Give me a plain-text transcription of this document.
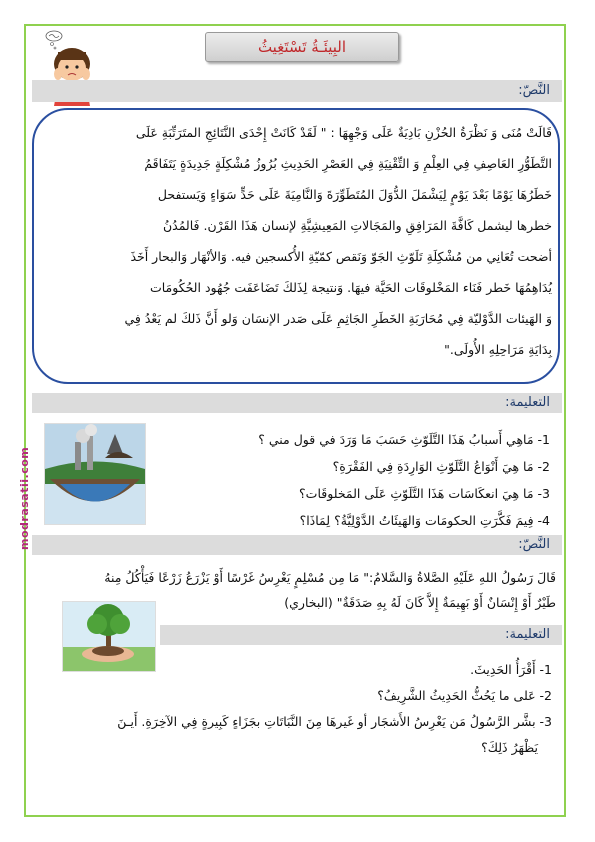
البِيئَـةُ تَسْتَغِيثُ
النَّصّ:

قَالَتْ مُنَى وَ نَظْرَةُ الحُزْنِ بَادِيَةٌ عَلَى وَجْهِهَا : " لَقَدْ كَانَتْ إِحْدَى النَّتَائِجِ المتَرَتِّبَةِ عَلَى

التَّطَوُّرِ العَاصِفِ فِي العِلْمِ وَ التِّقْنِيَةِ فِي العَصْرِ الحَدِيثِ بُرُوزُ مُشْكِلَةٍ جَدِيدَةٍ يَتَفَاقَمُ

خَطَرُهَا يَوْمًا بَعْدَ يَوْمٍ لِيَشْمَلَ الدُّوَلَ المُتَطَوِّرَةَ وَالنَّامِيَةَ عَلَى حَدٍّ سَوَاءٍ وَيَستفحل

خطرها ليشمل كَافَّةَ المَرَافِقِ والمَجَالاتِ المَعِيشِيَّةِ لإنسان هَذَا القَرْن. فَالمُدُنُ

أضحت تُعَانِي من مُشْكِلَةِ تَلَوّثِ الجَوّ وَنَقص كمّيّةِ الأُكسجين فيه. وَالأنْهَار وَالبحار أَخَذَ

يُدَاهِمُهَا خَطر فَنَاء المَخْلوقَات الحَيَّة فيهَا. وَنتيجة لِذَلكَ تَضَاعَفَت جُهُود الحُكُومَات

وَ الهَيئات الدَّوْليّة فِي مُحَارَبَةِ الخَطَرِ الجَاثِمِ عَلَى صَدر الإنسَان وَلو أَنَّ ذَلكَ لم يَعْدُ فِي

بِدَايَةِ مَرَاحِلِهِ الأُولَى."

التعليمة:
1- مَاهِي أَسبابُ هَذَا التَّلَوّثِ حَسَبَ مَا وَرَدَ في قول مني ؟
2- مَا هِيَ أَنْوَاعُ التَّلَوّثِ الوَارِدَةِ فِي الفَقْرَةِ؟
3- مَا هِيَ انعكَاسَات هَذَا التَّلَوّثِ عَلَى المَخلوقَات؟
4- فِيمَ فَكَّرَتِ الحكومَات وَالهَيئَاتُ الدَّوْلِيَّةُ؟ لِمَاذَا؟
النَّصّ:

قَالَ رَسُولُ اللهِ عَلَيْهِ الصَّلاةُ وَالسَّلامُ:" مَا مِن مُسْلِمٍ يَغْرِسُ غَرْسًا أَوْ يَزْرَعُ زَرْعًا فَيَأْكُلُ مِنهُ

طَيْرٌ أَوْ إِنْسَانٌ أَوْ بَهِيمَةٌ إِلاَّ كَانَ لَهُ بِهِ صَدَقَةٌ" (البخاري)

التعليمة:
1- أَقْرَأُ الحَدِيثَ.
2- عَلى ما يَحُثُّ الحَدِيثُ الشَّرِيفُ؟
3- بشَّر الرَّسُولُ مَن يَغْرِسُ الأَشجَار أو غَيرهَا مِنَ النَّبَاتَاتِ بجَزَاءٍ كَبِيرةٍ فِي الآخِرَةِ. أَيـنَ
يَظْهَرُ ذَلِكَ؟
modrasatii.com
